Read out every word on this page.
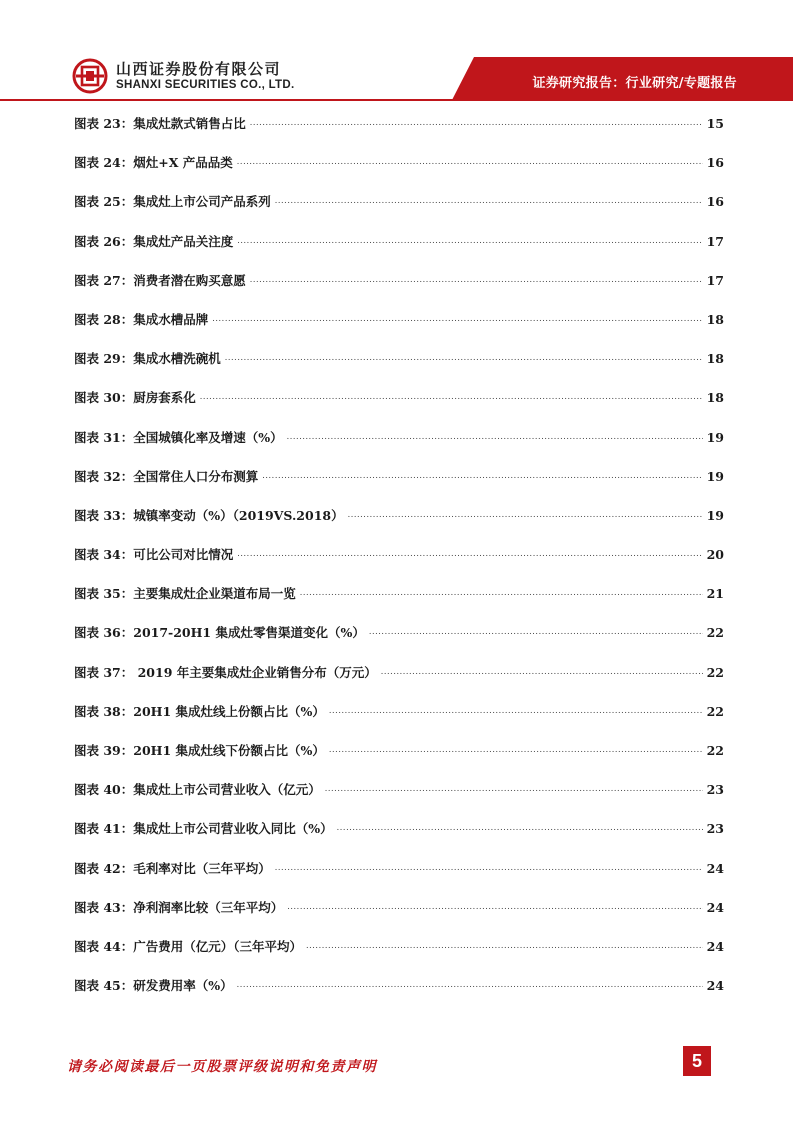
山西证券股份有限公司
SHANXI SECURITIES CO., LTD.	证券研究报告：行业研究/专题报告
图表 23：集成灶款式销售占比 .....	15
图表 24：烟灶+X 产品品类 .....	16
图表 25：集成灶上市公司产品系列 .....	16
图表 26：集成灶产品关注度 .....	17
图表 27：消费者潜在购买意愿 .....	17
图表 28：集成水槽品牌 .....	18
图表 29：集成水槽洗碗机 .....	18
图表 30：厨房套系化 .....	18
图表 31：全国城镇化率及增速（%） .....	19
图表 32：全国常住人口分布测算 .....	19
图表 33：城镇率变动（%）（2019VS.2018） .....	19
图表 34：可比公司对比情况 .....	20
图表 35：主要集成灶企业渠道布局一览 .....	21
图表 36：2017-20H1 集成灶零售渠道变化（%） .....	22
图表 37： 2019 年主要集成灶企业销售分布（万元） .....	22
图表 38：20H1 集成灶线上份额占比（%） .....	22
图表 39：20H1 集成灶线下份额占比（%） .....	22
图表 40：集成灶上市公司营业收入（亿元） .....	23
图表 41：集成灶上市公司营业收入同比（%） .....	23
图表 42：毛利率对比（三年平均） .....	24
图表 43：净利润率比较（三年平均） .....	24
图表 44：广告费用（亿元）（三年平均） .....	24
图表 45：研发费用率（%） .....	24
请务必阅读最后一页股票评级说明和免责声明	5
